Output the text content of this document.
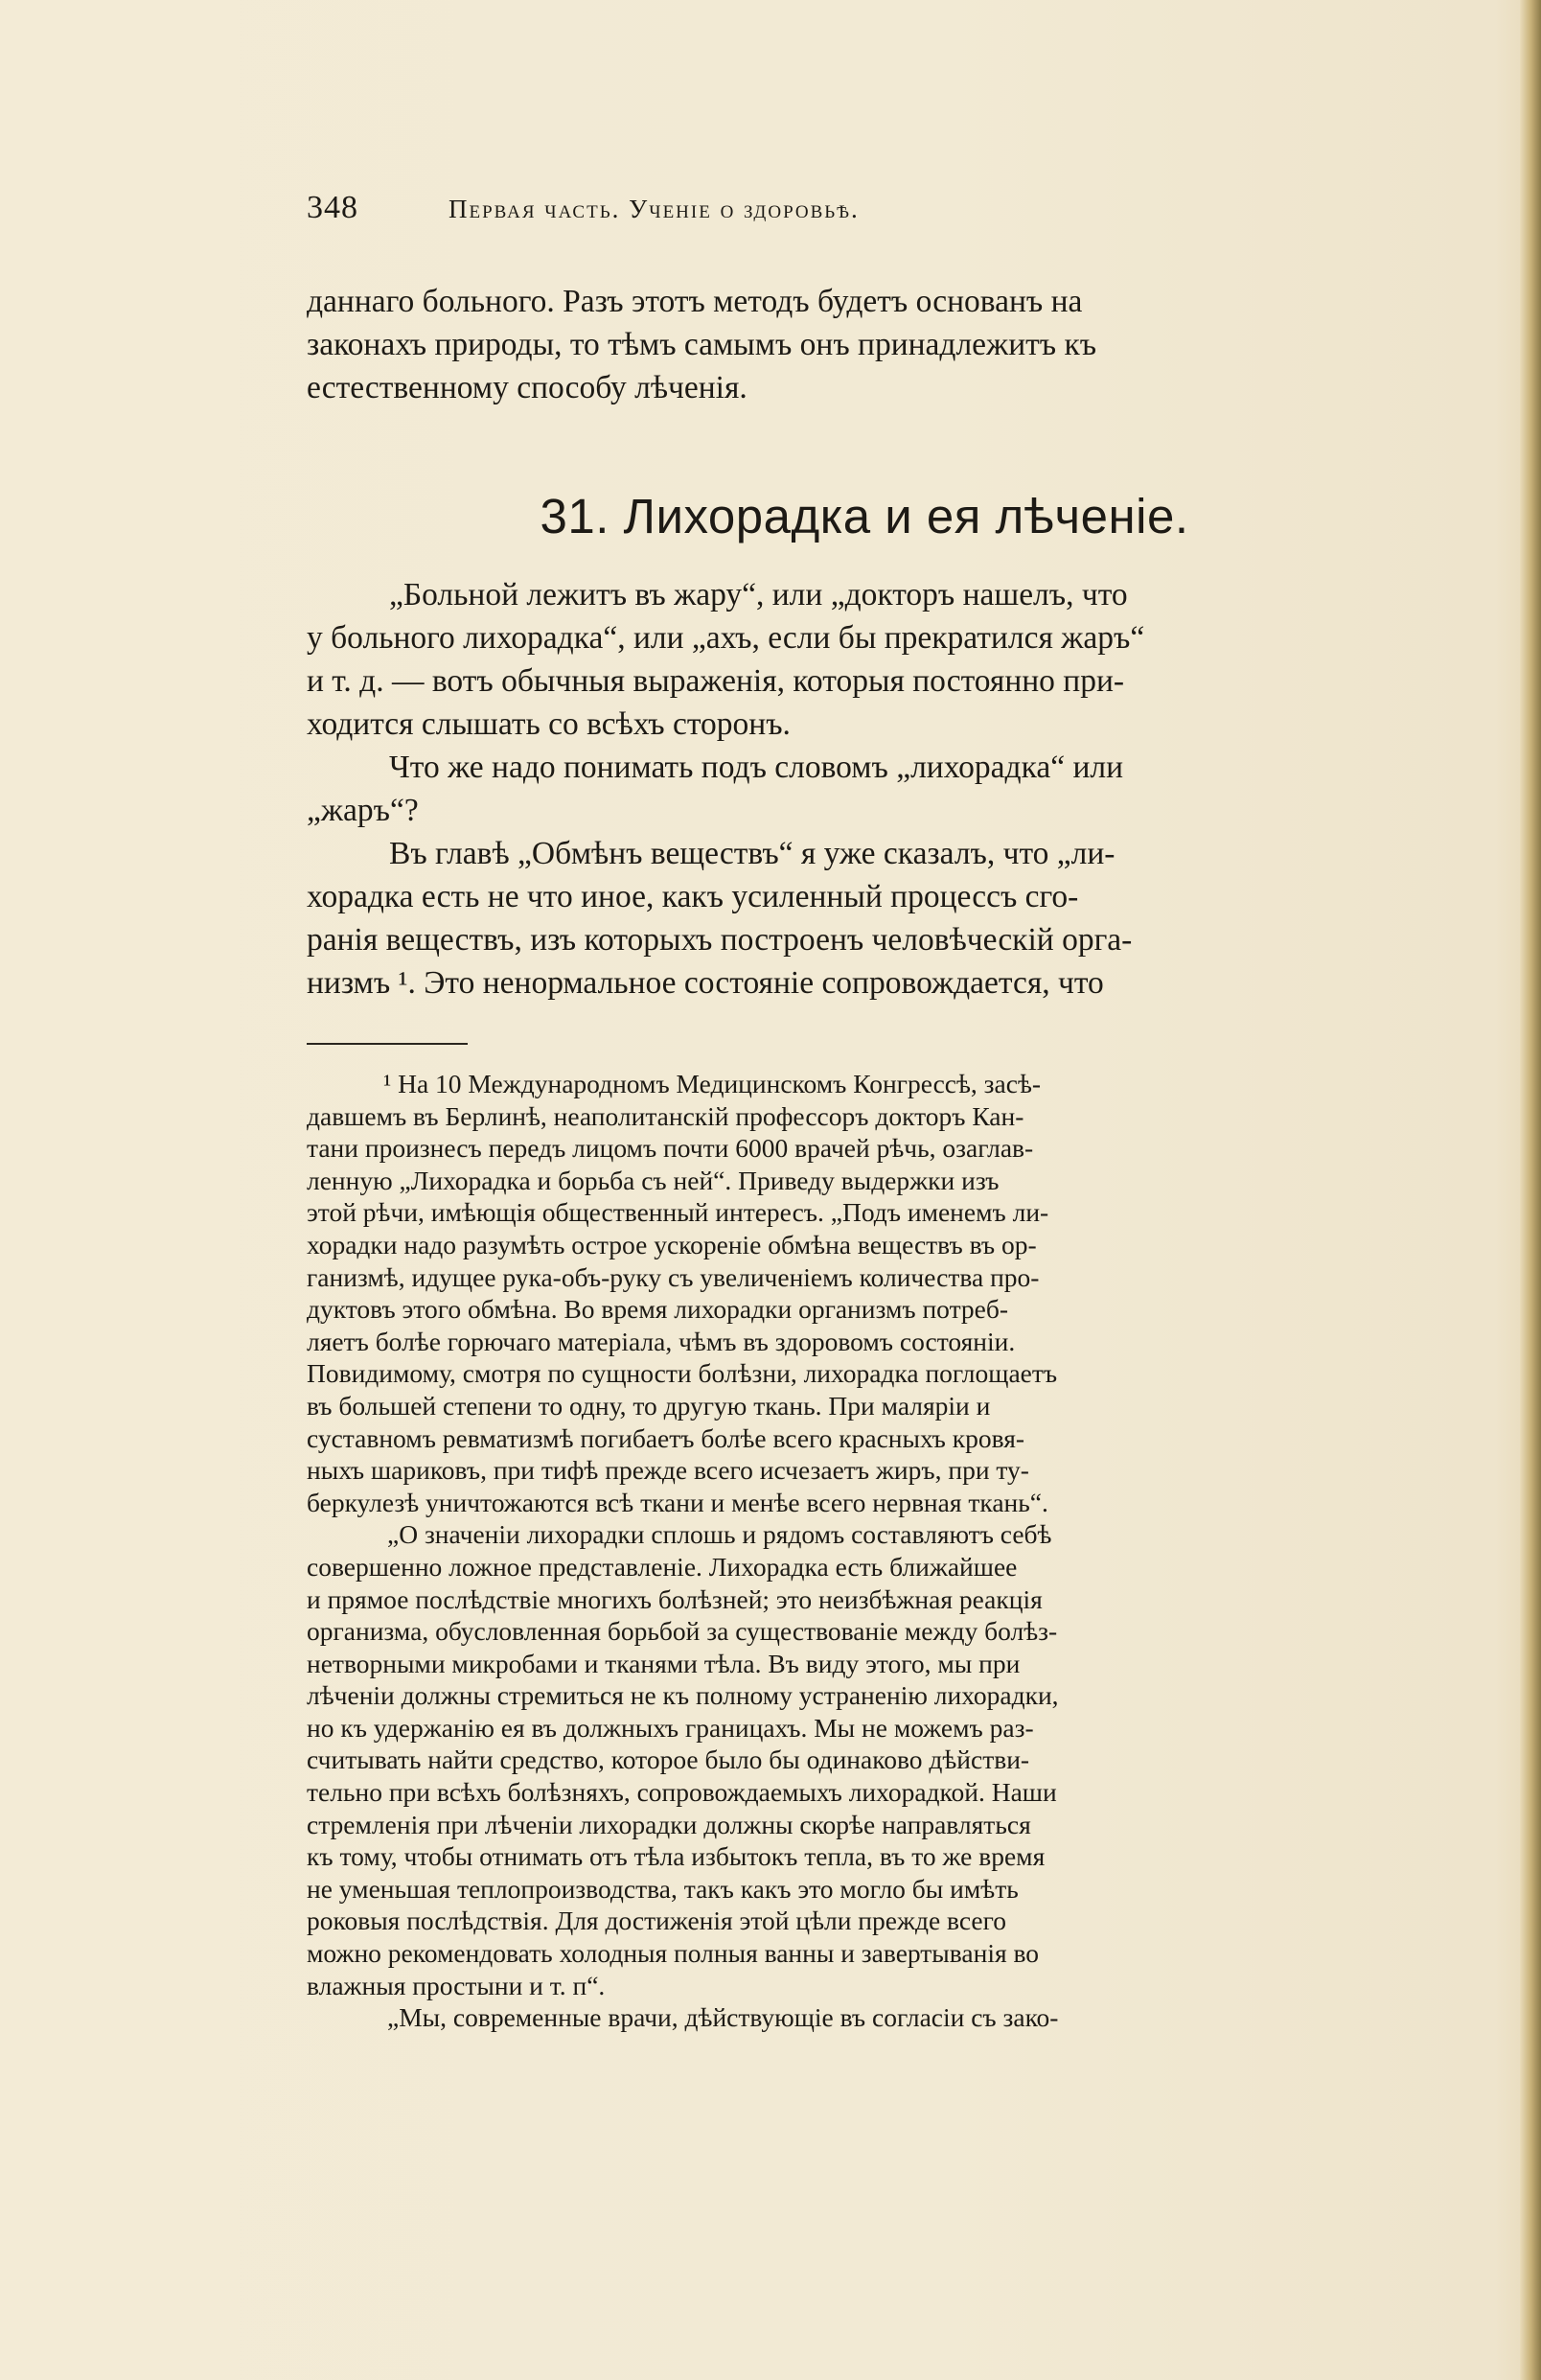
348	Первая часть. Ученіе о здоровьѣ.

даннаго больного. Разъ этотъ методъ будетъ основанъ на
законахъ природы, то тѣмъ самымъ онъ принадлежитъ къ
естественному способу лѣченія.

31. Лихорадка и ея лѣченіе.

„Больной лежитъ въ жару“, или „докторъ нашелъ, что
у больного лихорадка“, или „ахъ, если бы прекратился жаръ“
и т. д. — вотъ обычныя выраженія, которыя постоянно при-
ходится слышать со всѣхъ сторонъ.

Что же надо понимать подъ словомъ „лихорадка“ или
„жаръ“?

Въ главѣ „Обмѣнъ веществъ“ я уже сказалъ, что „ли-
хорадка есть не что иное, какъ усиленный процессъ сго-
ранія веществъ, изъ которыхъ построенъ человѣческій орга-
низмъ ¹. Это ненормальное состояніе сопровождается, что

¹ На 10 Международномъ Медицинскомъ Конгрессѣ, засѣ-
давшемъ въ Берлинѣ, неаполитанскій профессоръ докторъ Кан-
тани произнесъ передъ лицомъ почти 6000 врачей рѣчь, озаглав-
ленную „Лихорадка и борьба съ ней“. Приведу выдержки изъ
этой рѣчи, имѣющія общественный интересъ. „Подъ именемъ ли-
хорадки надо разумѣть острое ускореніе обмѣна веществъ въ ор-
ганизмѣ, идущее рука-объ-руку съ увеличеніемъ количества про-
дуктовъ этого обмѣна. Во время лихорадки организмъ потреб-
ляетъ болѣе горючаго матеріала, чѣмъ въ здоровомъ состояніи.
Повидимому, смотря по сущности болѣзни, лихорадка поглощаетъ
въ большей степени то одну, то другую ткань. При маляріи и
суставномъ ревматизмѣ погибаетъ болѣе всего красныхъ кровя-
ныхъ шариковъ, при тифѣ прежде всего исчезаетъ жиръ, при ту-
беркулезѣ уничтожаются всѣ ткани и менѣе всего нервная ткань“.

„О значеніи лихорадки сплошь и рядомъ составляютъ себѣ
совершенно ложное представленіе. Лихорадка есть ближайшее
и прямое послѣдствіе многихъ болѣзней; это неизбѣжная реакція
организма, обусловленная борьбой за существованіе между болѣз-
нетворными микробами и тканями тѣла. Въ виду этого, мы при
лѣченіи должны стремиться не къ полному устраненію лихорадки,
но къ удержанію ея въ должныхъ границахъ. Мы не можемъ раз-
считывать найти средство, которое было бы одинаково дѣйстви-
тельно при всѣхъ болѣзняхъ, сопровождаемыхъ лихорадкой. Наши
стремленія при лѣченіи лихорадки должны скорѣе направляться
къ тому, чтобы отнимать отъ тѣла избытокъ тепла, въ то же время
не уменьшая теплопроизводства, такъ какъ это могло бы имѣть
роковыя послѣдствія. Для достиженія этой цѣли прежде всего
можно рекомендовать холодныя полныя ванны и завертыванія во
влажныя простыни и т. п“.

„Мы, современные врачи, дѣйствующіе въ согласіи съ зако-
